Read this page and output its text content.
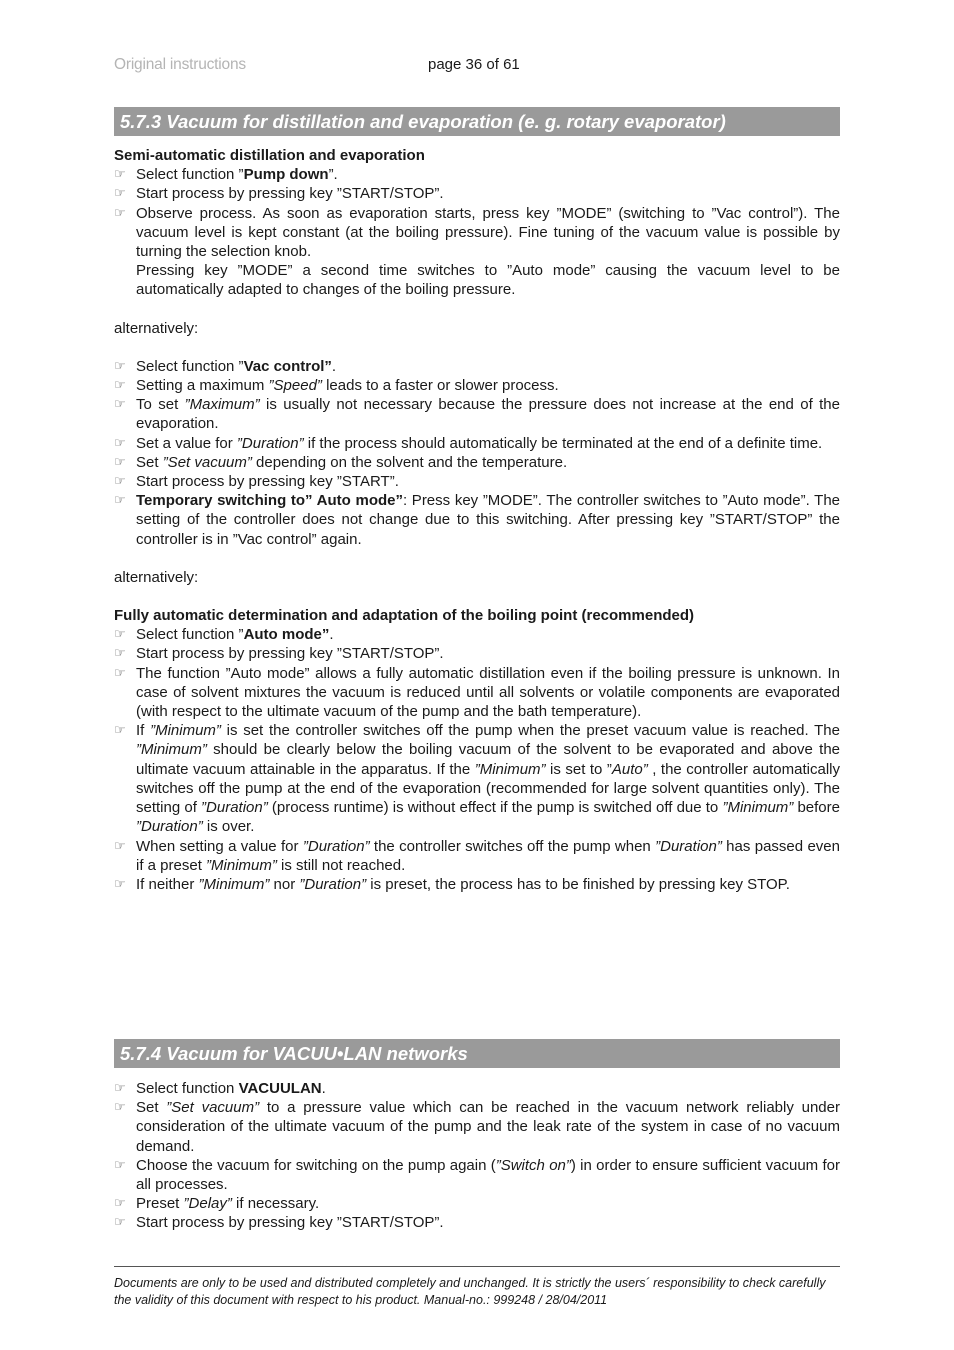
Original instructions	page 36 of 61
5.7.3 Vacuum for distillation and evaporation (e. g. rotary evaporator)
Semi-automatic distillation and evaporation
☞ Select function ”Pump down”.
☞ Start process by pressing key ”START/STOP”.
☞ Observe process. As soon as evaporation starts, press key ”MODE” (switching to ”Vac control”). The vacuum level is kept constant (at the boiling pressure). Fine tuning of the vacuum value is possible by turning the selection knob.
Pressing key ”MODE” a second time switches to ”Auto mode” causing the vacuum level to be automatically adapted to changes of the boiling pressure.
alternatively:
☞ Select function ”Vac control”.
☞ Setting a maximum ”Speed” leads to a faster or slower process.
☞ To set ”Maximum” is usually not necessary because the pressure does not increase at the end of the evaporation.
☞ Set a value for ”Duration” if the process should automatically be terminated at the end of a definite time.
☞ Set ”Set vacuum” depending on the solvent and the temperature.
☞ Start process by pressing key ”START”.
☞ Temporary switching to” Auto mode”: Press key ”MODE”. The controller switches to ”Auto mode”. The setting of the controller does not change due to this switching. After pressing key ”START/STOP” the controller is in ”Vac control” again.
alternatively:
Fully automatic determination and adaptation of the boiling point (recommended)
☞ Select function ”Auto mode”.
☞ Start process by pressing key ”START/STOP”.
☞ The function ”Auto mode” allows a fully automatic distillation even if the boiling pressure is unknown. In case of solvent mixtures the vacuum is reduced until all solvents or volatile components are evaporated (with respect to the ultimate vacuum of the pump and the bath temperature).
☞ If ”Minimum” is set the controller switches off the pump when the preset vacuum value is reached. The ”Minimum” should be clearly below the boiling vacuum of the solvent to be evaporated and above the ultimate vacuum attainable in the apparatus. If the ”Minimum” is set to ”Auto” , the controller automatically switches off the pump at the end of the evaporation (recommended for large solvent quantities only). The setting of ”Duration” (process runtime) is without effect if the pump is switched off due to ”Minimum” before ”Duration” is over.
☞ When setting a value for ”Duration” the controller switches off the pump when ”Duration” has passed even if a preset ”Minimum” is still not reached.
☞ If neither ”Minimum” nor ”Duration” is preset, the process has to be finished by pressing key STOP.
5.7.4 Vacuum for VACUU•LAN networks
☞ Select function VACUULAN.
☞ Set ”Set vacuum” to a pressure value which can be reached in the vacuum network reliably under consideration of the ultimate vacuum of the pump and the leak rate of the system in case of no vacuum demand.
☞ Choose the vacuum for switching on the pump again (”Switch on”) in order to ensure sufficient vacuum for all processes.
☞ Preset ”Delay” if necessary.
☞ Start process by pressing key ”START/STOP”.
Documents are only to be used and distributed completely and unchanged. It is strictly the users´ responsibility to check carefully
the validity of this document with respect to his product. Manual-no.: 999248 / 28/04/2011
